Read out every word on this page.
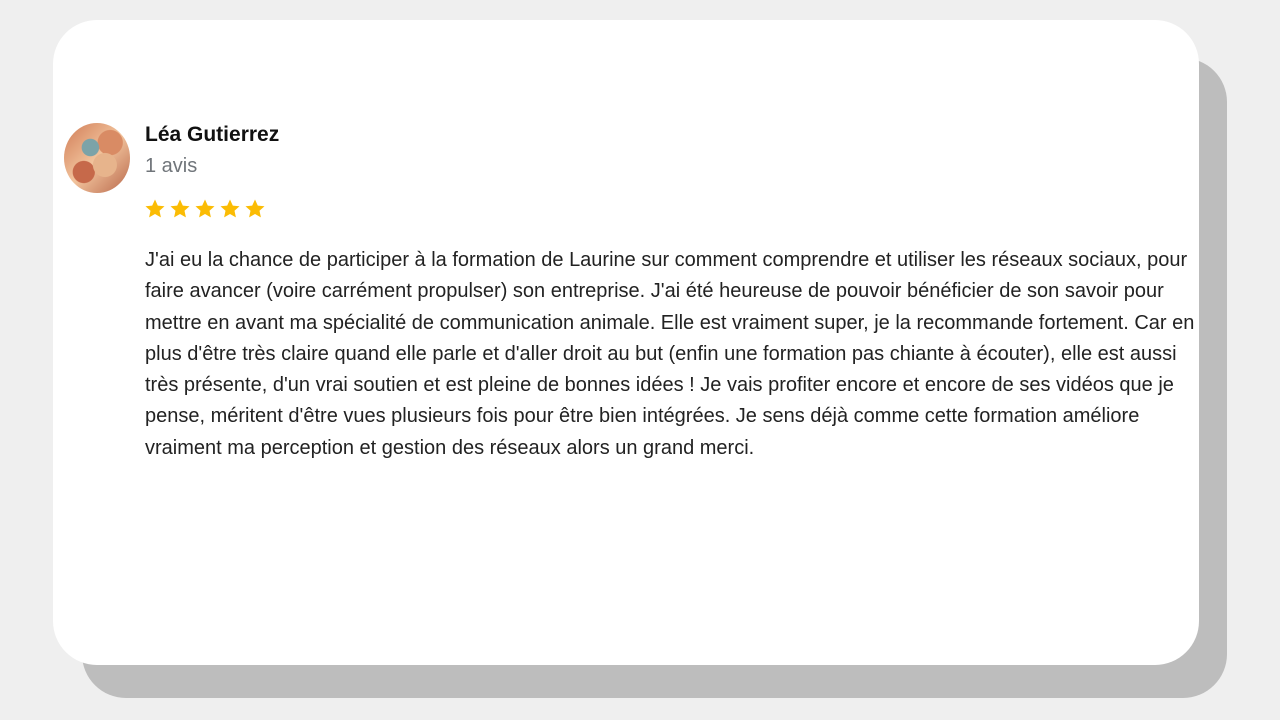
Léa Gutierrez
1 avis

J'ai eu la chance de participer à la formation de Laurine sur comment comprendre et utiliser les réseaux sociaux, pour faire avancer (voire carrément propulser) son entreprise. J'ai été heureuse de pouvoir bénéficier de son savoir pour mettre en avant ma spécialité de communication animale. Elle est vraiment super, je la recommande fortement. Car en plus d'être très claire quand elle parle et d'aller droit au but (enfin une formation pas chiante à écouter), elle est aussi très présente, d'un vrai soutien et est pleine de bonnes idées ! Je vais profiter encore et encore de ses vidéos que je pense, méritent d'être vues plusieurs fois pour être bien intégrées. Je sens déjà comme cette formation améliore vraiment ma perception et gestion des réseaux alors un grand merci.
